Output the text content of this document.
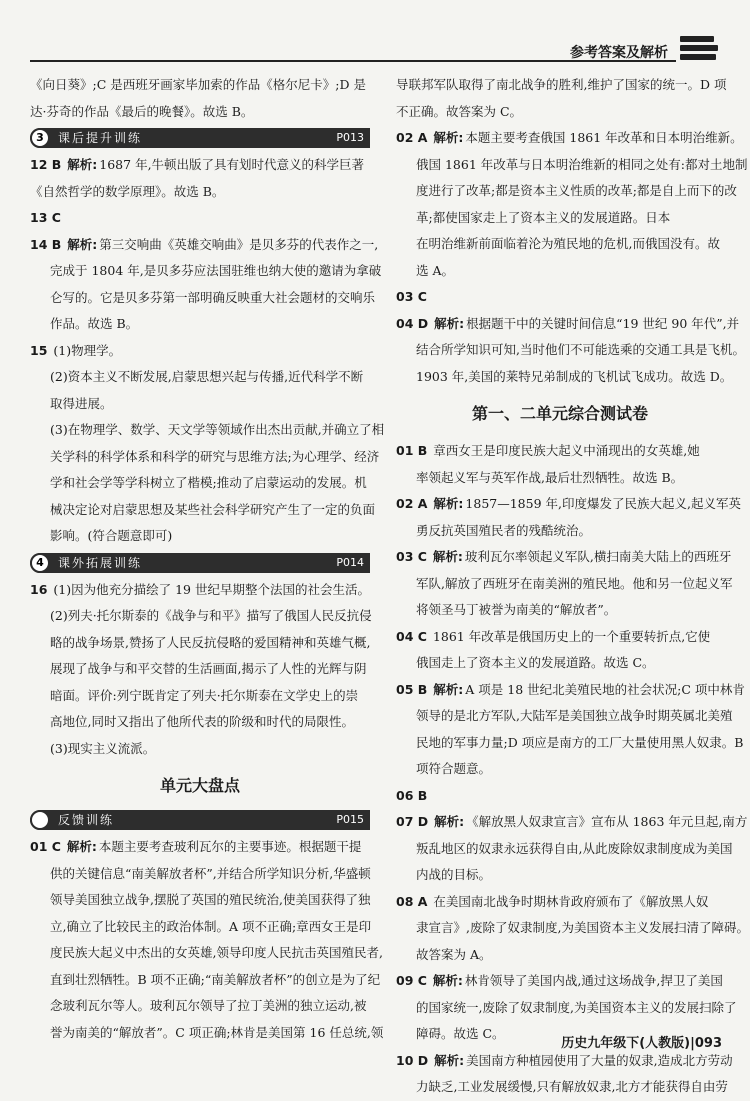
参考答案及解析

《向日葵》;C 是西班牙画家毕加索的作品《格尔尼卡》;D 是
达·芬奇的作品《最后的晚餐》。故选 B。

3	课后提升训练	P013

12 B 解析: 1687 年,牛顿出版了具有划时代意义的科学巨著
《自然哲学的数学原理》。故选 B。

13 C

14 B 解析: 第三交响曲《英雄交响曲》是贝多芬的代表作之一,
完成于 1804 年,是贝多芬应法国驻维也纳大使的邀请为拿破
仑写的。它是贝多芬第一部明确反映重大社会题材的交响乐
作品。故选 B。

15 (1)物理学。
(2)资本主义不断发展,启蒙思想兴起与传播,近代科学不断
取得进展。
(3)在物理学、数学、天文学等领域作出杰出贡献,并确立了相
关学科的科学体系和科学的研究与思维方法;为心理学、经济
学和社会学等学科树立了楷模;推动了启蒙运动的发展。机
械决定论对启蒙思想及某些社会科学研究产生了一定的负面
影响。(符合题意即可)

4	课外拓展训练	P014

16 (1)因为他充分描绘了 19 世纪早期整个法国的社会生活。
(2)列夫·托尔斯泰的《战争与和平》描写了俄国人民反抗侵
略的战争场景,赞扬了人民反抗侵略的爱国精神和英雄气概,
展现了战争与和平交替的生活画面,揭示了人性的光辉与阴
暗面。评价:列宁既肯定了列夫·托尔斯泰在文学史上的崇
高地位,同时又指出了他所代表的阶级和时代的局限性。
(3)现实主义流派。

单元大盘点
反馈训练	P015

01 C 解析: 本题主要考查玻利瓦尔的主要事迹。根据题干提
供的关键信息“南美解放者杯”,并结合所学知识分析,华盛顿
领导美国独立战争,摆脱了英国的殖民统治,使美国获得了独
立,确立了比较民主的政治体制。A 项不正确;章西女王是印
度民族大起义中杰出的女英雄,领导印度人民抗击英国殖民者,
直到壮烈牺牲。B 项不正确;“南美解放者杯”的创立是为了纪
念玻利瓦尔等人。玻利瓦尔领导了拉丁美洲的独立运动,被
誉为南美的“解放者”。C 项正确;林肯是美国第 16 任总统,领

导联邦军队取得了南北战争的胜利,维护了国家的统一。D 项
不正确。故答案为 C。

02 A 解析: 本题主要考查俄国 1861 年改革和日本明治维新。
俄国 1861 年改革与日本明治维新的相同之处有:都对土地制
度进行了改革;都是资本主义性质的改革;都是自上而下的改
革;都使国家走上了资本主义的发展道路。日本
在明治维新前面临着沦为殖民地的危机,而俄国没有。故
选 A。

03 C

04 D 解析: 根据题干中的关键时间信息“19 世纪 90 年代”,并
结合所学知识可知,当时他们不可能选乘的交通工具是飞机。
1903 年,美国的莱特兄弟制成的飞机试飞成功。故选 D。

第一、二单元综合测试卷

01 B 章西女王是印度民族大起义中涌现出的女英雄,她
率领起义军与英军作战,最后壮烈牺牲。故选 B。

02 A 解析: 1857—1859 年,印度爆发了民族大起义,起义军英
勇反抗英国殖民者的残酷统治。

03 C 解析: 玻利瓦尔率领起义军队,横扫南美大陆上的西班牙
军队,解放了西班牙在南美洲的殖民地。他和另一位起义军
将领圣马丁被誉为南美的“解放者”。

04 C 1861 年改革是俄国历史上的一个重要转折点,它使
俄国走上了资本主义的发展道路。故选 C。

05 B 解析: A 项是 18 世纪北美殖民地的社会状况;C 项中林肯
领导的是北方军队,大陆军是美国独立战争时期英属北美殖
民地的军事力量;D 项应是南方的工厂大量使用黑人奴隶。B
项符合题意。

06 B

07 D 解析: 《解放黑人奴隶宣言》宣布从 1863 年元旦起,南方
叛乱地区的奴隶永远获得自由,从此废除奴隶制度成为美国
内战的目标。

08 A 在美国南北战争时期林肯政府颁布了《解放黑人奴
隶宣言》,废除了奴隶制度,为美国资本主义发展扫清了障碍。
故答案为 A。

09 C 解析: 林肯领导了美国内战,通过这场战争,捍卫了美国
的国家统一,废除了奴隶制度,为美国资本主义的发展扫除了
障碍。故选 C。

10 D 解析: 美国南方种植园使用了大量的奴隶,造成北方劳动
力缺乏,工业发展缓慢,只有解放奴隶,北方才能获得自由劳

历史九年级下(人教版)|093
